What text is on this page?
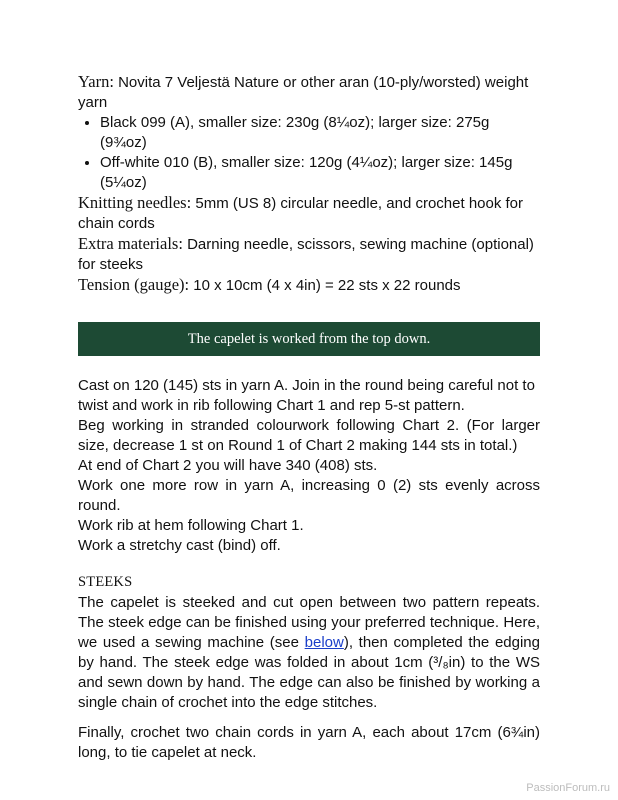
Yarn: Novita 7 Veljestä Nature or other aran (10-ply/worsted) weight yarn

• Black 099 (A), smaller size: 230g (8¼oz); larger size: 275g (9¾oz)
• Off-white 010 (B), smaller size: 120g (4¼oz); larger size: 145g (5¼oz)

Knitting needles: 5mm (US 8) circular needle, and crochet hook for chain cords

Extra materials: Darning needle, scissors, sewing machine (optional) for steeks

Tension (gauge): 10 x 10cm (4 x 4in) = 22 sts x 22 rounds

The capelet is worked from the top down.

Cast on 120 (145) sts in yarn A. Join in the round being careful not to twist and work in rib following Chart 1 and rep 5-st pattern.

Beg working in stranded colourwork following Chart 2. (For larger size, decrease 1 st on Round 1 of Chart 2 making 144 sts in total.)

At end of Chart 2 you will have 340 (408) sts.

Work one more row in yarn A, increasing 0 (2) sts evenly across round.

Work rib at hem following Chart 1.

Work a stretchy cast (bind) off.

STEEKS

The capelet is steeked and cut open between two pattern repeats. The steek edge can be finished using your preferred technique. Here, we used a sewing machine (see below), then completed the edging by hand. The steek edge was folded in about 1cm (³/₈in) to the WS and sewn down by hand. The edge can also be finished by working a single chain of crochet into the edge stitches.

Finally, crochet two chain cords in yarn A, each about 17cm (6¾in) long, to tie capelet at neck.

PassionForum.ru
